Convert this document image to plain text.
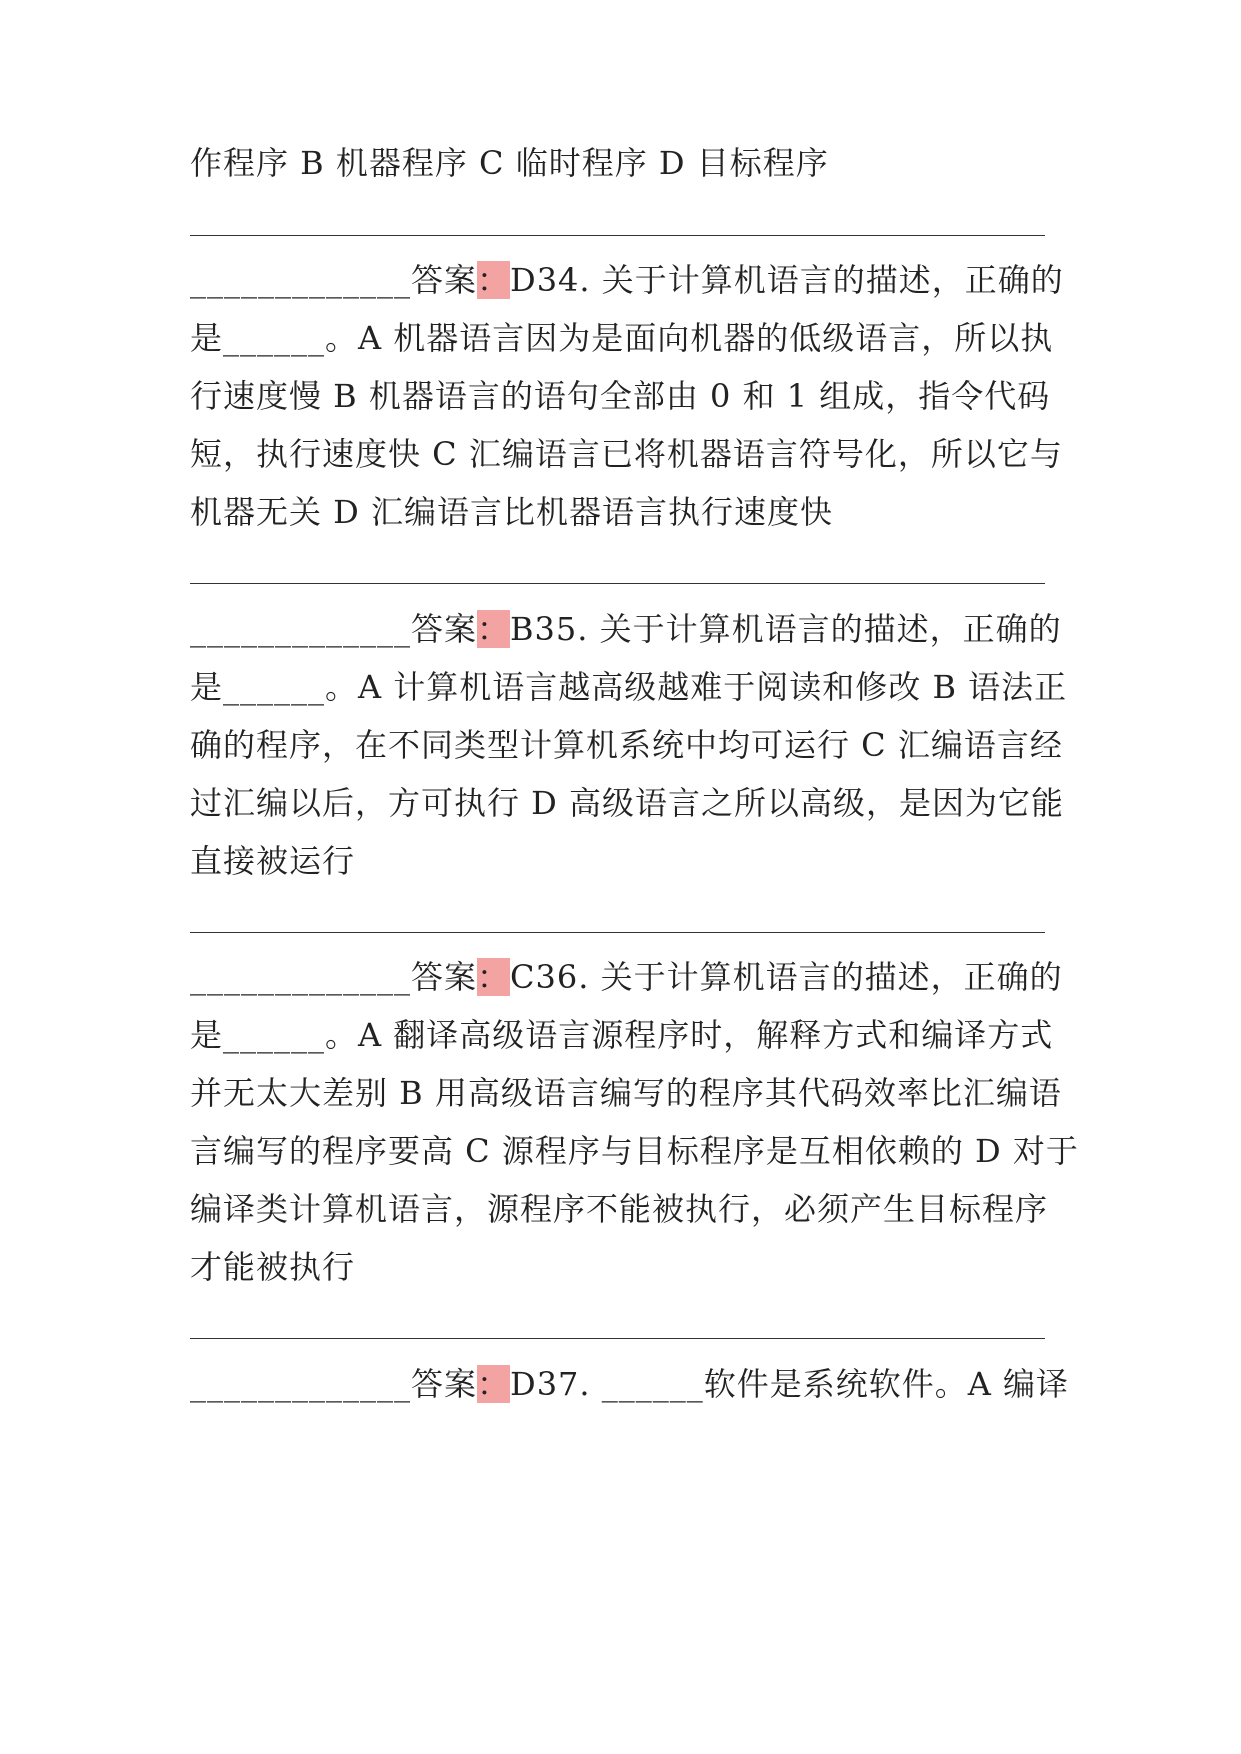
作程序 B 机器程序 C 临时程序 D 目标程序
_____________答案：D34. 关于计算机语言的描述，正确的
是______。A 机器语言因为是面向机器的低级语言，所以执
行速度慢 B 机器语言的语句全部由 0 和 1 组成，指令代码
短，执行速度快 C 汇编语言已将机器语言符号化，所以它与
机器无关 D 汇编语言比机器语言执行速度快
_____________答案：B35. 关于计算机语言的描述，正确的
是______。A 计算机语言越高级越难于阅读和修改 B 语法正
确的程序，在不同类型计算机系统中均可运行 C 汇编语言经
过汇编以后，方可执行 D 高级语言之所以高级，是因为它能
直接被运行
_____________答案：C36. 关于计算机语言的描述，正确的
是______。A 翻译高级语言源程序时，解释方式和编译方式
并无太大差别 B 用高级语言编写的程序其代码效率比汇编语
言编写的程序要高 C 源程序与目标程序是互相依赖的 D 对于
编译类计算机语言，源程序不能被执行，必须产生目标程序
才能被执行
_____________答案：D37. ______软件是系统软件。A 编译
